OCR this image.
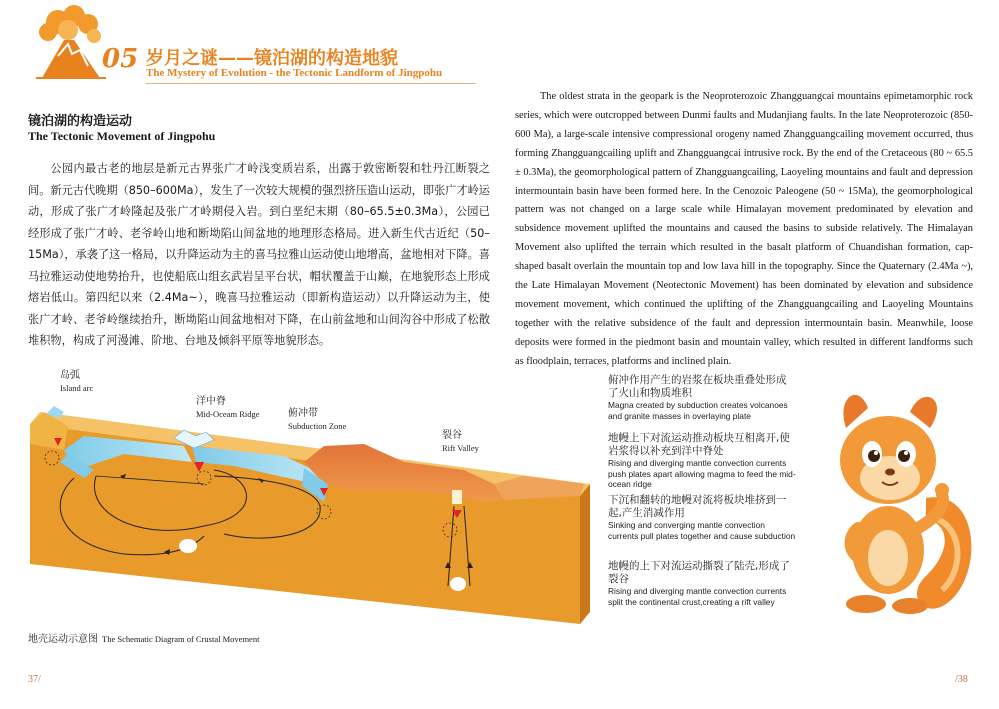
05 岁月之谜——镜泊湖的构造地貌
The Mystery of Evolution - the Tectonic Landform of Jingpohu
镜泊湖的构造运动
The Tectonic Movement of Jingpohu
公园内最古老的地层是新元古界张广才岭浅变质岩系，出露于敦密断裂和牡丹江断裂之间。新元古代晚期（850–600Ma），发生了一次较大规模的强烈挤压造山运动，即张广才岭运动，形成了张广才岭隆起及张广才岭期侵入岩。到白垩纪末期（80–65.5±0.3Ma），公园已经形成了张广才岭、老爷岭山地和断坳陷山间盆地的地理形态格局。进入新生代古近纪（50–15Ma），承袭了这一格局，以升降运动为主的喜马拉雅山运动使山地增高，盆地相对下降。喜马拉雅运动使地势抬升，也使船底山组玄武岩呈平台状，帽状覆盖于山巅，在地貌形态上形成熔岩低山。第四纪以来（2.4Ma~），晚喜马拉雅运动（即新构造运动）以升降运动为主，使张广才岭、老爷岭继续抬升，断坳陷山间盆地相对下降，在山前盆地和山间沟谷中形成了松散堆积物，构成了河漫滩、阶地、台地及倾斜平原等地貌形态。
The oldest strata in the geopark is the Neoproterozoic Zhangguangcai mountains epimetamorphic rock series, which were outcropped between Dunmi faults and Mudanjiang faults. In the late Neoproterozoic (850-600 Ma), a large-scale intensive compressional orogeny named Zhangguangcailing movement occurred, thus forming Zhangguangcailing uplift and Zhangguangcai intrusive rock. By the end of the Cretaceous (80 ~ 65.5 ± 0.3Ma), the geomorphological pattern of Zhangguangcailing, Laoyeling mountains and fault and depression intermountain basin have been formed here. In the Cenozoic Paleogene (50 ~ 15Ma), the geomorphological pattern was not changed on a large scale while Himalayan movement predominated by elevation and subsidence movement uplifted the mountains and caused the basins to subside relatively. The Himalayan Movement also uplifted the terrain which resulted in the basalt platform of Chuandishan formation, cap-shaped basalt overlain the mountain top and low lava hill in the topography. Since the Quaternary (2.4Ma ~), the Late Himalayan Movement (Neotectonic Movement) has been dominated by elevation and subsidence movement movement, which continued the uplifting of the Zhangguangcailing and Laoyeling Mountains together with the relative subsidence of the fault and depression intermountain basin. Meanwhile, loose deposits were formed in the piedmont basin and mountain valley, which resulted in different landforms such as floodplain, terraces, platforms and inclined plain.
岛弧
Island arc
洋中脊
Mid-Oceam Ridge	俯冲带
Subduction Zone
裂谷
Rift Valley
俯冲作用产生的岩浆在板块重叠处形成了火山和物质堆积
Magna created by subduction creates volcanoes and granite masses in overlaying plate
地幔上下对流运动推动板块互相离开,使岩浆得以补充到洋中脊处
Rising and diverging mantle convection currents push plates apart allowing magma to feed the mid-ocean ridge
下沉和翻转的地幔对流将板块堆挤到一起,产生消减作用
Sinking and converging mantle convection currents pull plates together and cause subduction
地幔的上下对流运动撕裂了陆壳,形成了裂谷
Rising and diverging mantle convection currents split the continental crust,creating a rift valley
地壳运动示意图 The Schematic Diagram of Crustal Movement
37/	/38
